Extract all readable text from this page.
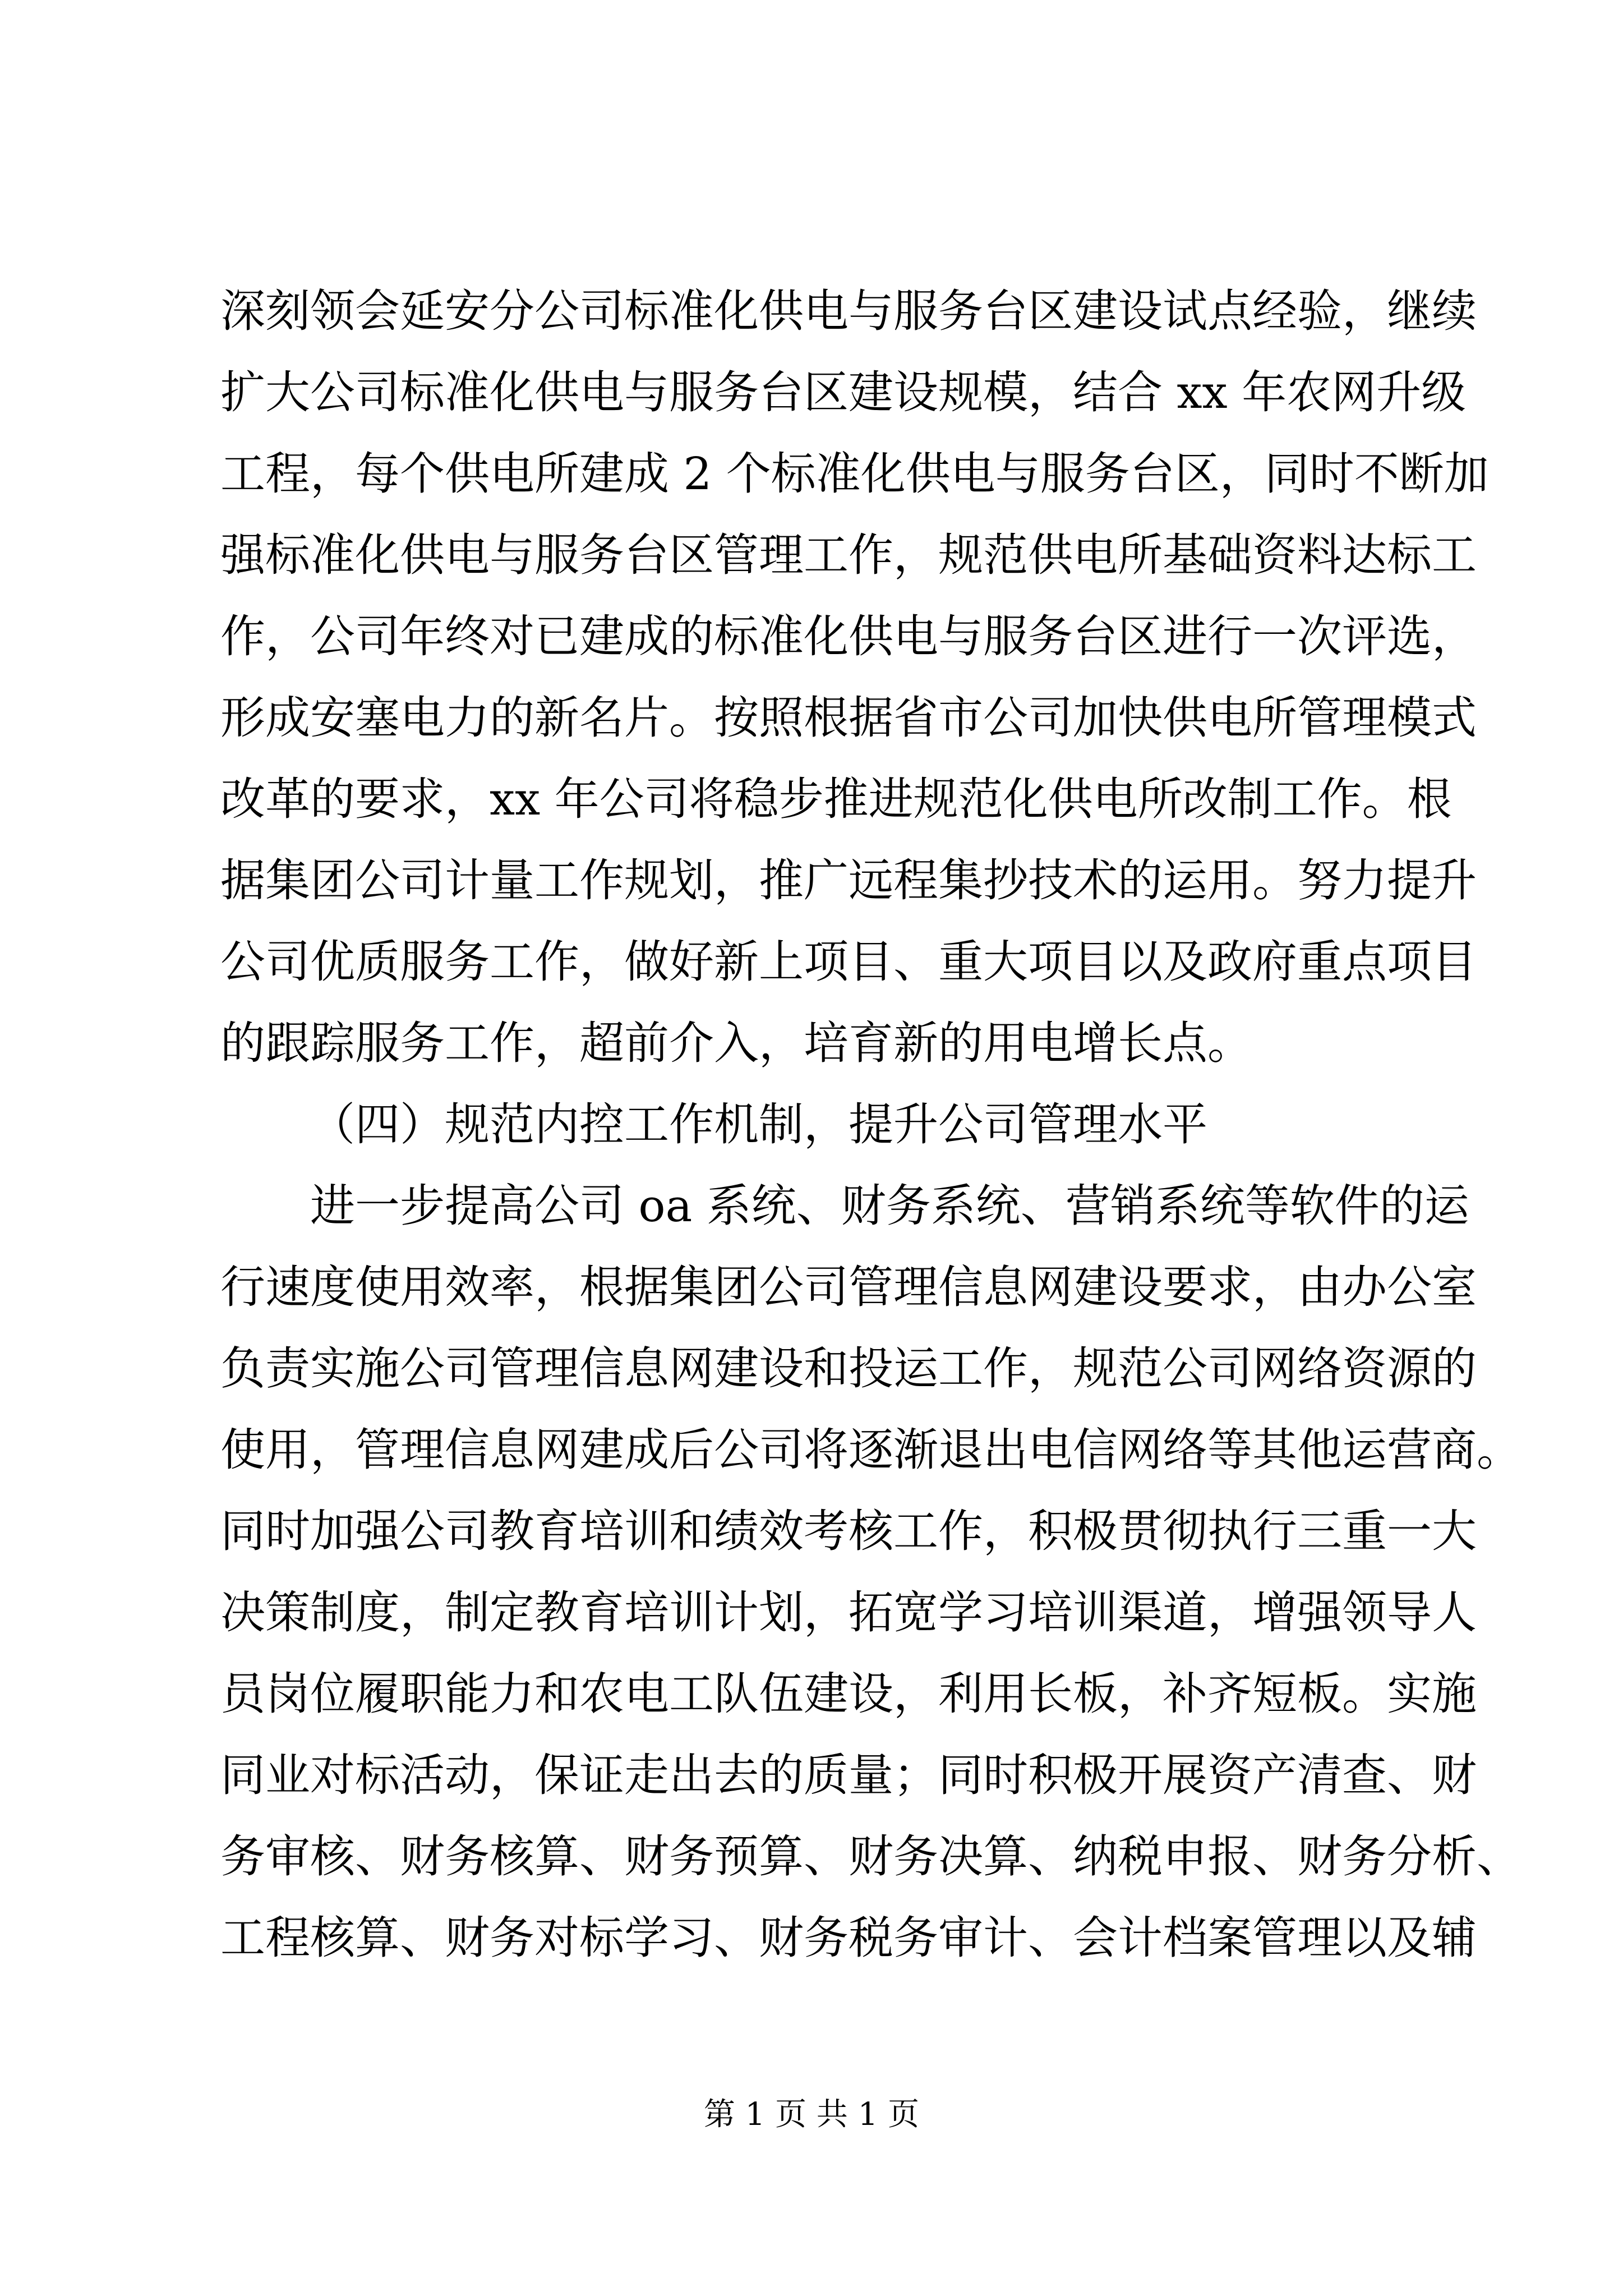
深刻领会延安分公司标准化供电与服务台区建设试点经验，继续
扩大公司标准化供电与服务台区建设规模，结合 xx 年农网升级
工程，每个供电所建成 2 个标准化供电与服务台区，同时不断加
强标准化供电与服务台区管理工作，规范供电所基础资料达标工
作，公司年终对已建成的标准化供电与服务台区进行一次评选，
形成安塞电力的新名片。按照根据省市公司加快供电所管理模式
改革的要求，xx 年公司将稳步推进规范化供电所改制工作。根
据集团公司计量工作规划，推广远程集抄技术的运用。努力提升
公司优质服务工作，做好新上项目、重大项目以及政府重点项目
的跟踪服务工作，超前介入，培育新的用电增长点。
（四）规范内控工作机制，提升公司管理水平
进一步提高公司 oa 系统、财务系统、营销系统等软件的运
行速度使用效率，根据集团公司管理信息网建设要求，由办公室
负责实施公司管理信息网建设和投运工作，规范公司网络资源的
使用，管理信息网建成后公司将逐渐退出电信网络等其他运营商。
同时加强公司教育培训和绩效考核工作，积极贯彻执行三重一大
决策制度，制定教育培训计划，拓宽学习培训渠道，增强领导人
员岗位履职能力和农电工队伍建设，利用长板，补齐短板。实施
同业对标活动，保证走出去的质量；同时积极开展资产清查、财
务审核、财务核算、财务预算、财务决算、纳税申报、财务分析、
工程核算、财务对标学习、财务税务审计、会计档案管理以及辅
第 1 页 共 1 页
